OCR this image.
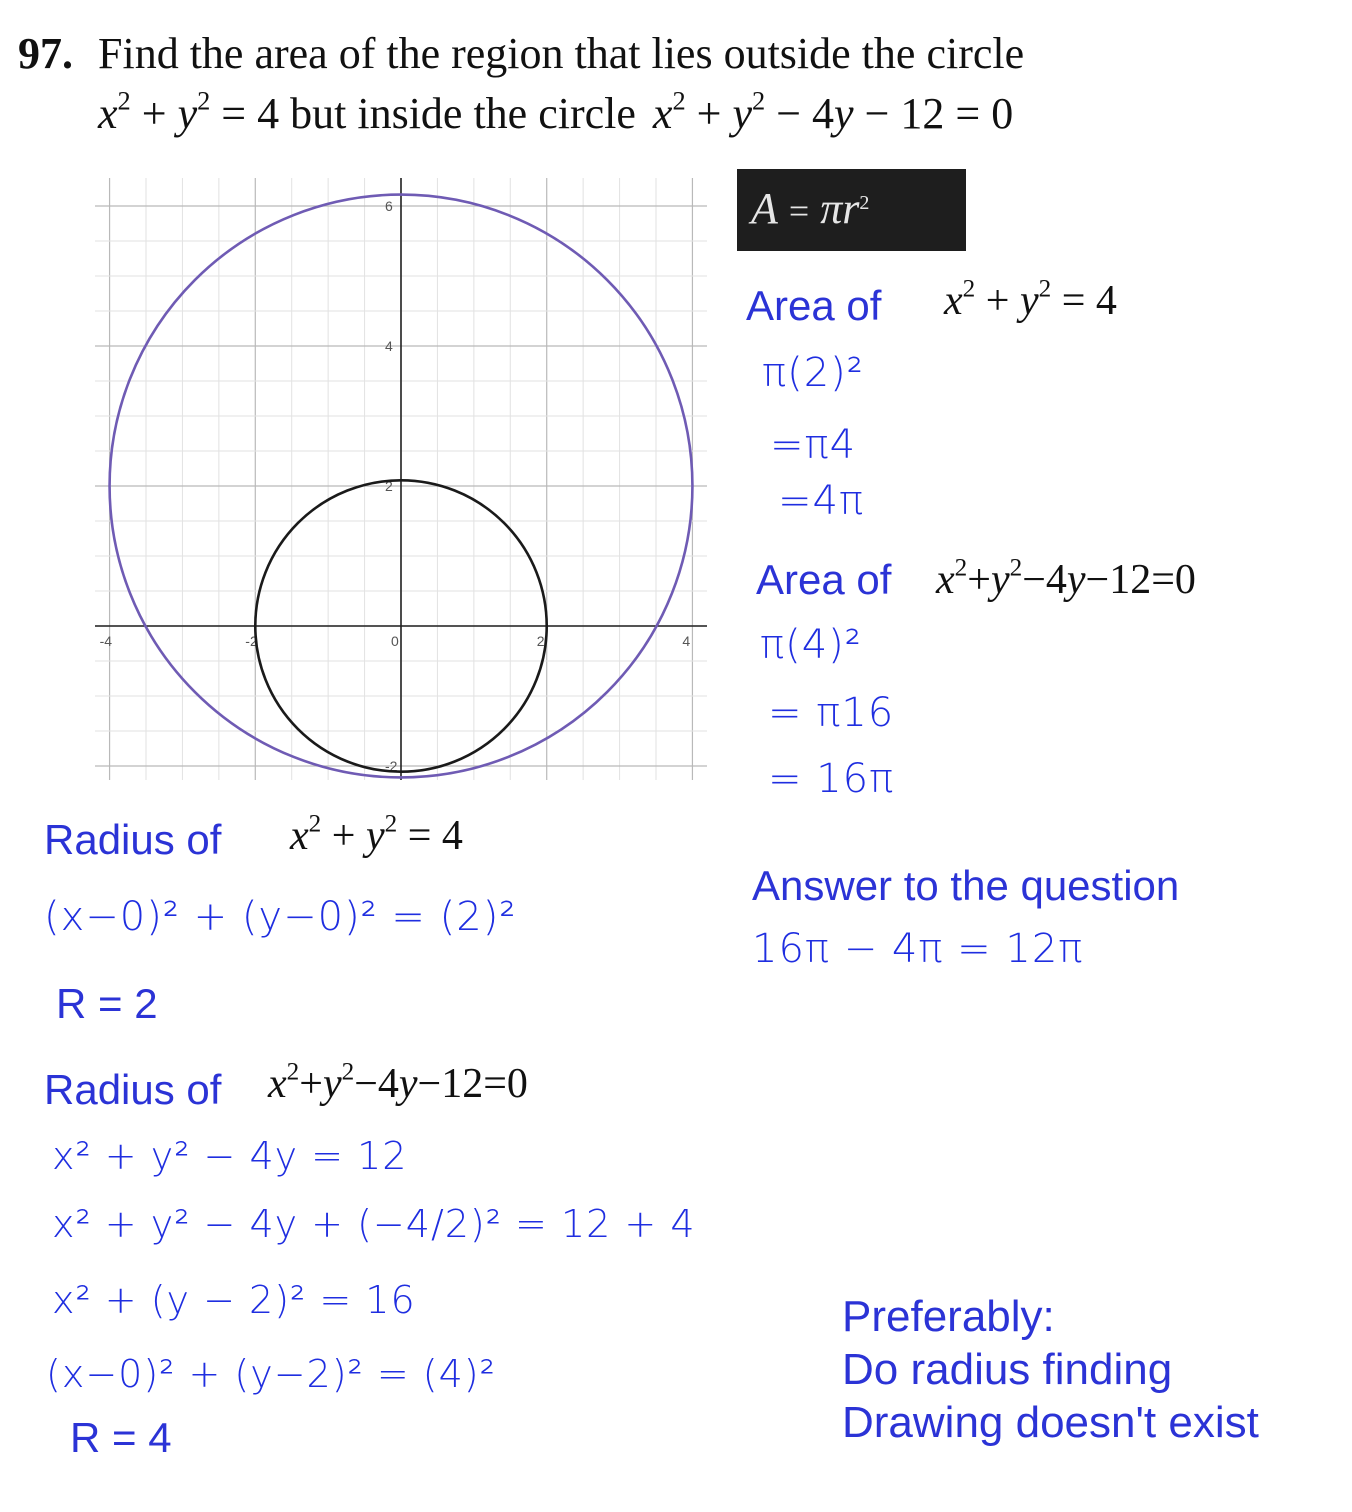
97. Find the area of the region that lies outside the circle
$x^2 + y^2 = 4$ but inside the circle $x^2 + y^2 - 4y - 12 = 0$
-4	-2	0	2	4
-2
2
4
6	$A = \pi r^2$
Area of $x^2 + y^2 = 4$
π(2)²
=π4
=4π
Area of $x^2+y^2-4y-12=0$
π(4)²
= π16
= 16π
Answer to the question
16π − 4π = 12π
Radius of $x^2 + y^2 = 4$
(x−0)² + (y−0)² = (2)²
R = 2
Radius of $x^2+y^2-4y-12=0$
x² + y² − 4y = 12
x² + y² − 4y + (−4/2)² = 12 + 4
x² + (y − 2)² = 16
(x−0)² + (y−2)² = (4)²
R = 4
Preferably:
Do radius finding
Drawing doesn't exist
